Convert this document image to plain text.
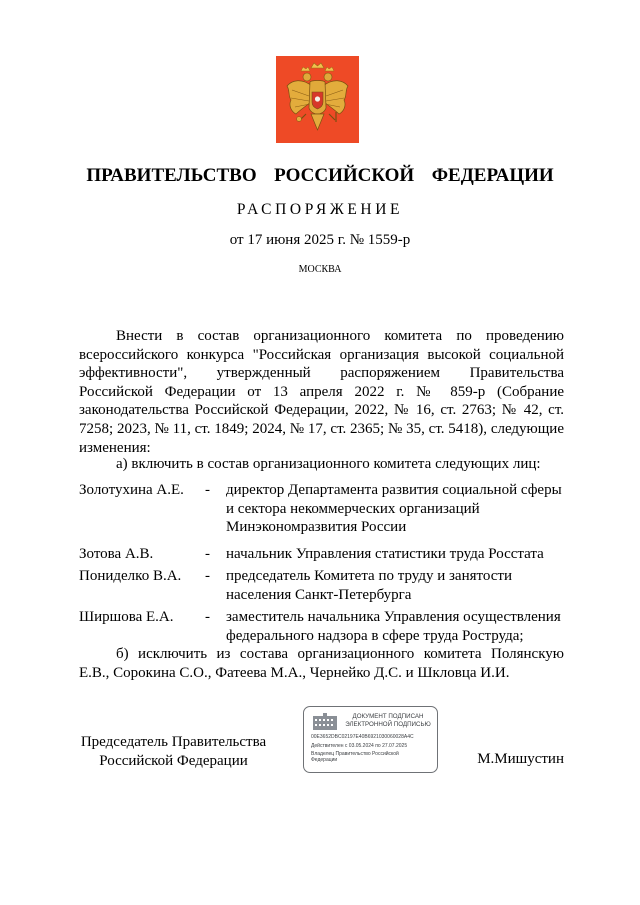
ПРАВИТЕЛЬСТВО  РОССИЙСКОЙ  ФЕДЕРАЦИИ
РАСПОРЯЖЕНИЕ
от 17 июня 2025 г. № 1559-р
МОСКВА

Внести в состав организационного комитета по проведению всероссийского конкурса "Российская организация высокой социальной эффективности", утвержденный распоряжением Правительства Российской Федерации от 13 апреля 2022 г. № 859-р (Собрание законодательства Российской Федерации, 2022, № 16, ст. 2763; № 42, ст. 7258; 2023, № 11, ст. 1849; 2024, № 17, ст. 2365; № 35, ст. 5418), следующие изменения:

а) включить в состав организационного комитета следующих лиц:

Золотухина А.Е. - директор Департамента развития социальной сферы и сектора некоммерческих организаций Минэкономразвития России
Зотова А.В.	- начальник Управления статистики труда Росстата
Пониделко В.А. - председатель Комитета по труду и занятости населения Санкт-Петербурга
Ширшова Е.А. - заместитель начальника Управления осуществления федерального надзора в сфере труда Роструда;

б) исключить из состава организационного комитета Полянскую Е.В., Сорокина С.О., Фатеева М.А., Чернейко Д.С. и Шкловца И.И.

Председатель Правительства Российской Федерации	М.Мишустин
ДОКУМЕНТ ПОДПИСАН ЭЛЕКТРОННОЙ ПОДПИСЬЮ
00E3652DBC02197E40B6921030060028A4C
Действителен с 03.05.2024 по 27.07.2025
Владелец Правительство Российской
Федерации
